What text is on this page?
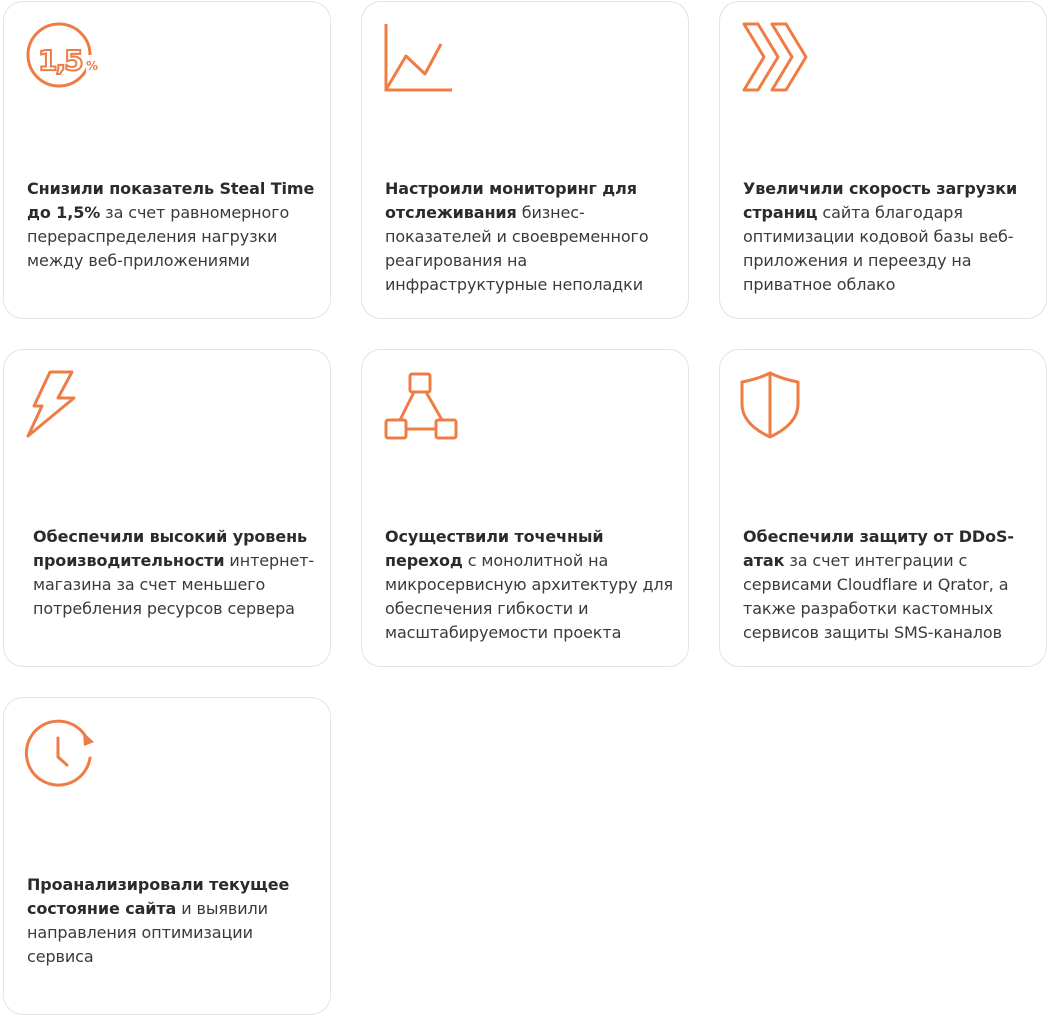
1,5 %
Снизили показатель Steal Time до 1,5% за счет равномерного перераспределения нагрузки между веб-приложениями
Настроили мониторинг для отслеживания бизнес-показателей и своевременного реагирования на инфраструктурные неполадки
Увеличили скорость загрузки страниц сайта благодаря оптимизации кодовой базы веб-приложения и переезду на приватное облако
Обеспечили высокий уровень производительности интернет-магазина за счет меньшего потребления ресурсов сервера
Осуществили точечный переход с монолитной на микросервисную архитектуру для обеспечения гибкости и масштабируемости проекта
Обеспечили защиту от DDoS-атак за счет интеграции с сервисами Cloudflare и Qrator, а также разработки кастомных сервисов защиты SMS-каналов
Проанализировали текущее состояние сайта и выявили направления оптимизации сервиса
